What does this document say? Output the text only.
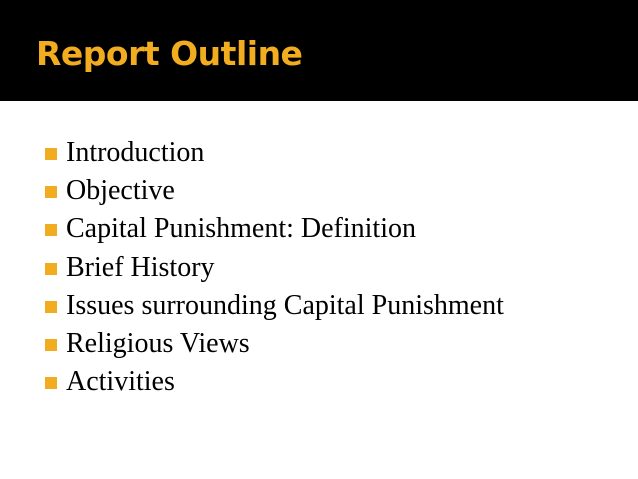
Report Outline
Introduction
Objective
Capital Punishment: Definition
Brief History
Issues surrounding Capital Punishment
Religious Views
Activities
